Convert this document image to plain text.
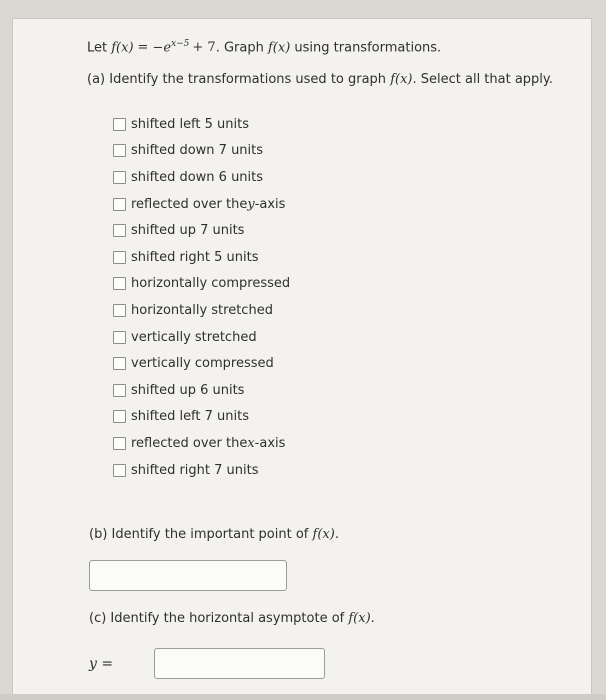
Let $f(x) = -e^{x-5} + 7$. Graph f(x) using transformations.
(a) Identify the transformations used to graph f(x). Select all that apply.
shifted left 5 units
shifted down 7 units
shifted down 6 units
reflected over the y -axis
shifted up 7 units
shifted right 5 units
horizontally compressed
horizontally stretched
vertically stretched
vertically compressed
shifted up 6 units
shifted left 7 units
reflected over the x -axis
shifted right 7 units
(b) Identify the important point of f(x).
(c) Identify the horizontal asymptote of f(x).
y =
